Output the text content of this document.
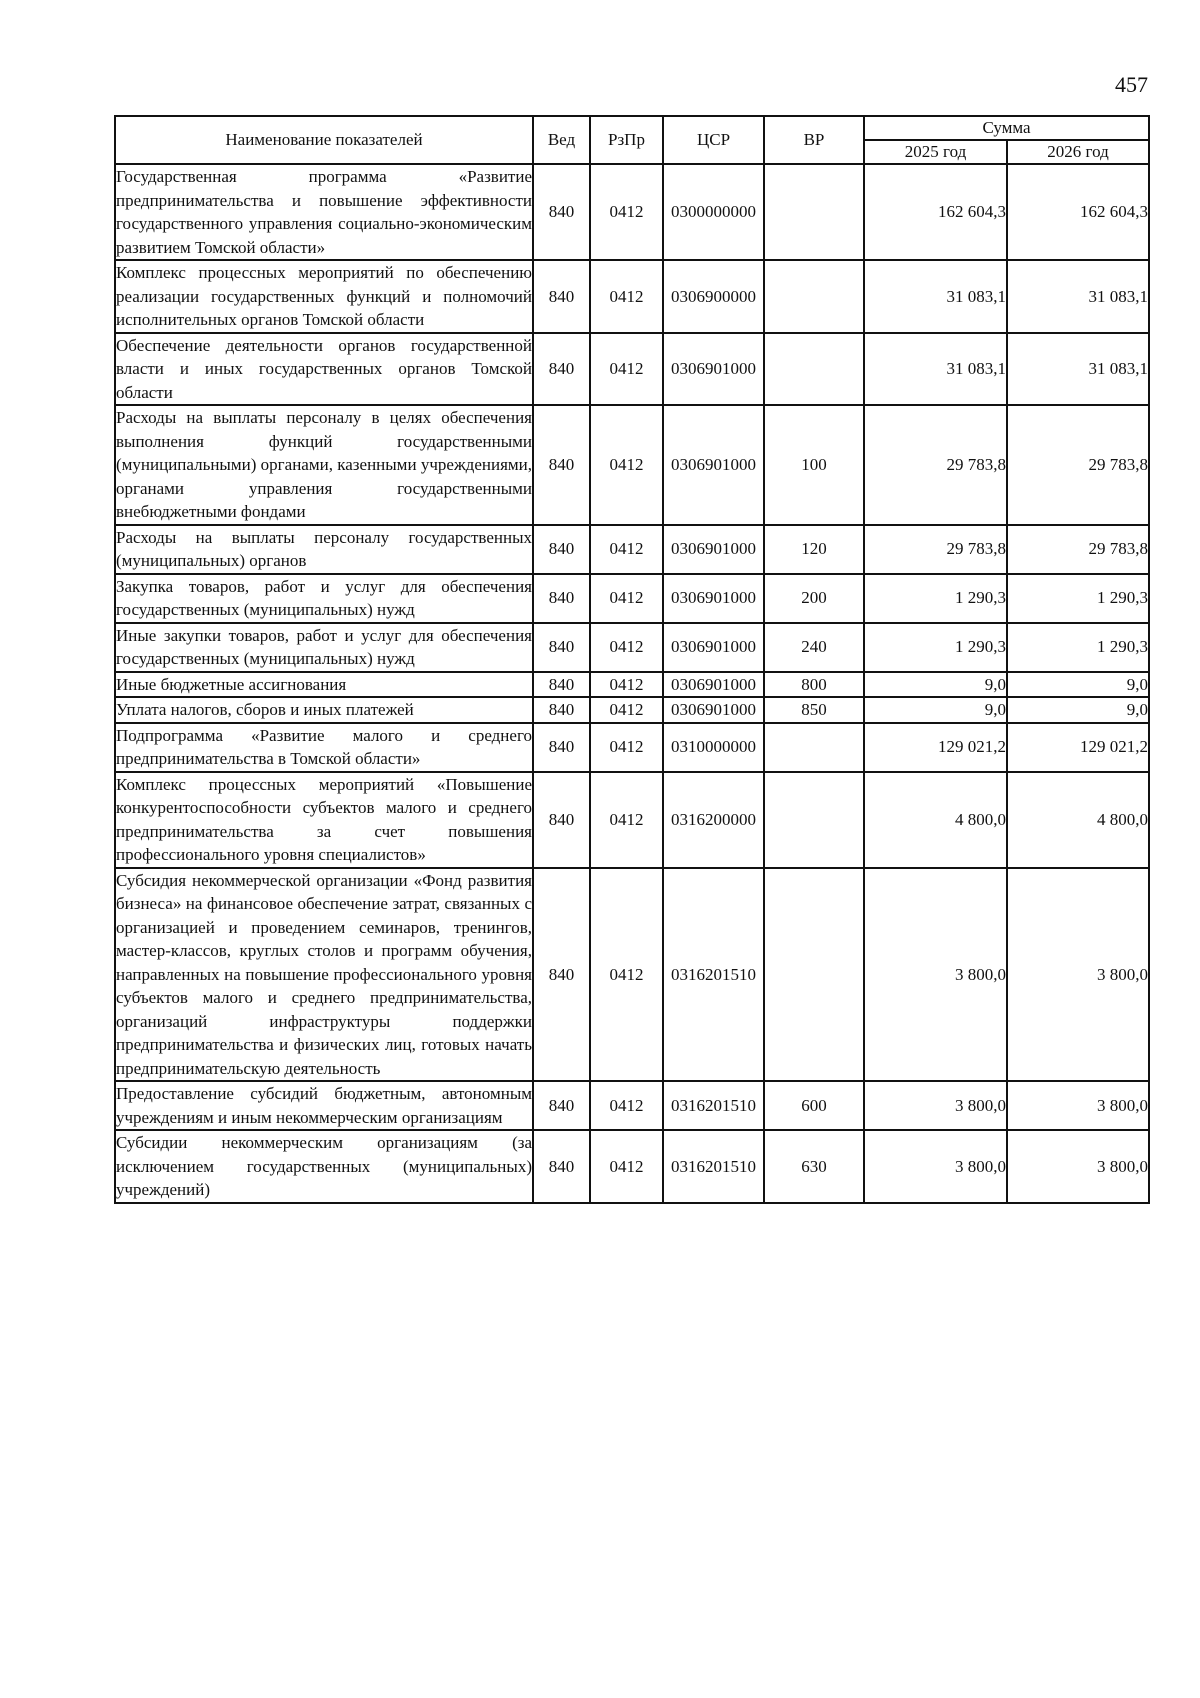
457
Наименование показателей	Вед	РзПр	ЦСР	ВР	Сумма	
					2025 год	2026 год
Государственная программа «Развитие предпринимательства и повышение эффективности государственного управления социально-экономическим развитием Томской области»	840	0412	0300000000		162 604,3	162 604,3
Комплекс процессных мероприятий по обеспечению реализации государственных функций и полномочий исполнительных органов Томской области	840	0412	0306900000		31 083,1	31 083,1
Обеспечение деятельности органов государственной власти и иных государственных органов Томской области	840	0412	0306901000		31 083,1	31 083,1
Расходы на выплаты персоналу в целях обеспечения выполнения функций государственными (муниципальными) органами, казенными учреждениями, органами управления государственными внебюджетными фондами	840	0412	0306901000	100	29 783,8	29 783,8
Расходы на выплаты персоналу государственных (муниципальных) органов	840	0412	0306901000	120	29 783,8	29 783,8
Закупка товаров, работ и услуг для обеспечения государственных (муниципальных) нужд	840	0412	0306901000	200	1 290,3	1 290,3
Иные закупки товаров, работ и услуг для обеспечения государственных (муниципальных) нужд	840	0412	0306901000	240	1 290,3	1 290,3
Иные бюджетные ассигнования	840	0412	0306901000	800	9,0	9,0
Уплата налогов, сборов и иных платежей	840	0412	0306901000	850	9,0	9,0
Подпрограмма «Развитие малого и среднего предпринимательства в Томской области»	840	0412	0310000000		129 021,2	129 021,2
Комплекс процессных мероприятий «Повышение конкурентоспособности субъектов малого и среднего предпринимательства за счет повышения профессионального уровня специалистов»	840	0412	0316200000		4 800,0	4 800,0
Субсидия некоммерческой организации «Фонд развития бизнеса» на финансовое обеспечение затрат, связанных с организацией и проведением семинаров, тренингов, мастер-классов, круглых столов и программ обучения, направленных на повышение профессионального уровня субъектов малого и среднего предпринимательства, организаций инфраструктуры поддержки предпринимательства и физических лиц, готовых начать предпринимательскую деятельность	840	0412	0316201510		3 800,0	3 800,0
Предоставление субсидий бюджетным, автономным учреждениям и иным некоммерческим организациям	840	0412	0316201510	600	3 800,0	3 800,0
Субсидии некоммерческим организациям (за исключением государственных (муниципальных) учреждений)	840	0412	0316201510	630	3 800,0	3 800,0
